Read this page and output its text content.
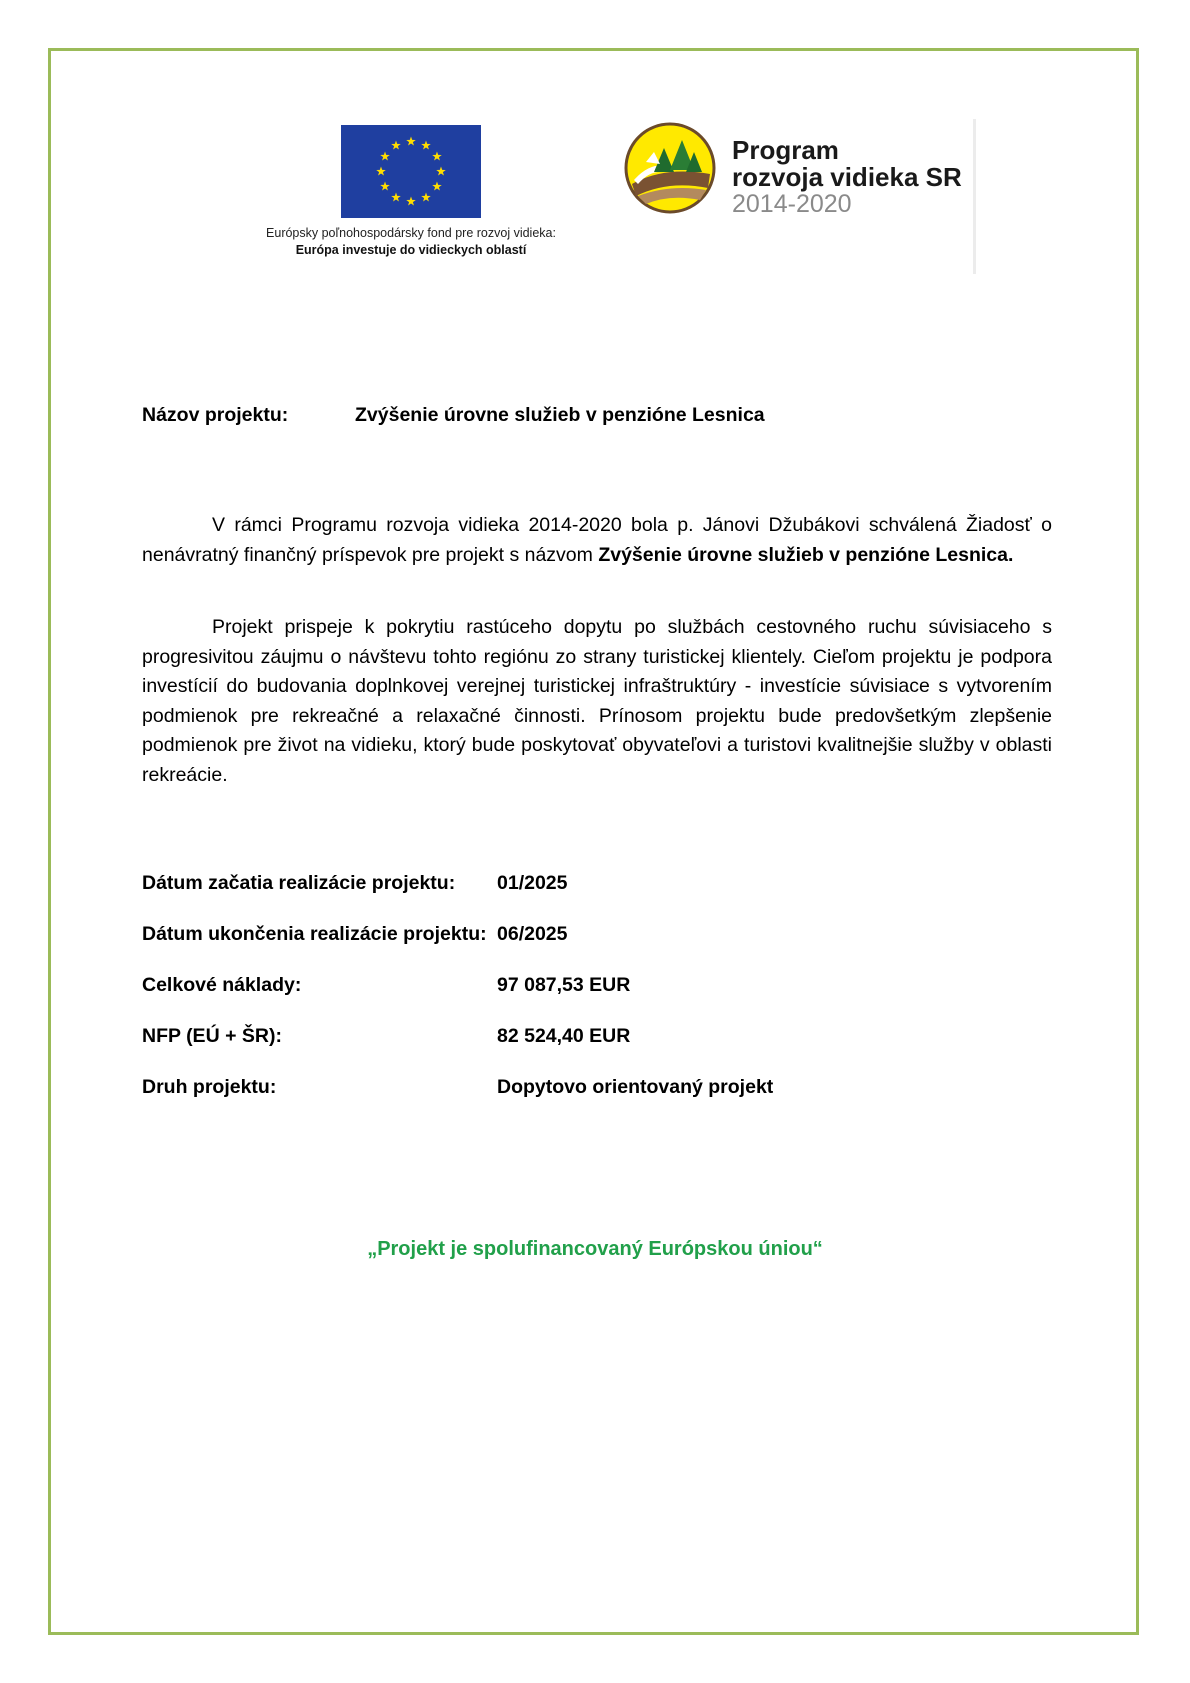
Európsky poľnohospodársky fond pre rozvoj vidieka:
Európa investuje do vidieckych oblastí
Program
rozvoja vidieka SR
2014-2020
Názov projektu:	Zvýšenie úrovne služieb v penzióne Lesnica

V rámci Programu rozvoja vidieka 2014-2020 bola p. Jánovi Džubákovi schválená Žiadosť o nenávratný finančný príspevok pre projekt s názvom Zvýšenie úrovne služieb v penzióne Lesnica.

Projekt prispeje k pokrytiu rastúceho dopytu po službách cestovného ruchu súvisiaceho s progresivitou záujmu o návštevu tohto regiónu zo strany turistickej klientely. Cieľom projektu je podpora investícií do budovania doplnkovej verejnej turistickej infraštruktúry - investície súvisiace s vytvorením podmienok pre rekreačné a relaxačné činnosti. Prínosom projektu bude predovšetkým zlepšenie podmienok pre život na vidieku, ktorý bude poskytovať obyvateľovi a turistovi kvalitnejšie služby v oblasti rekreácie.

Dátum začatia realizácie projektu: 01/2025
Dátum ukončenia realizácie projektu: 06/2025
Celkové náklady:	97 087,53 EUR
NFP (EÚ + ŠR):	82 524,40 EUR
Druh projektu:	Dopytovo orientovaný projekt
„Projekt je spolufinancovaný Európskou úniou“
